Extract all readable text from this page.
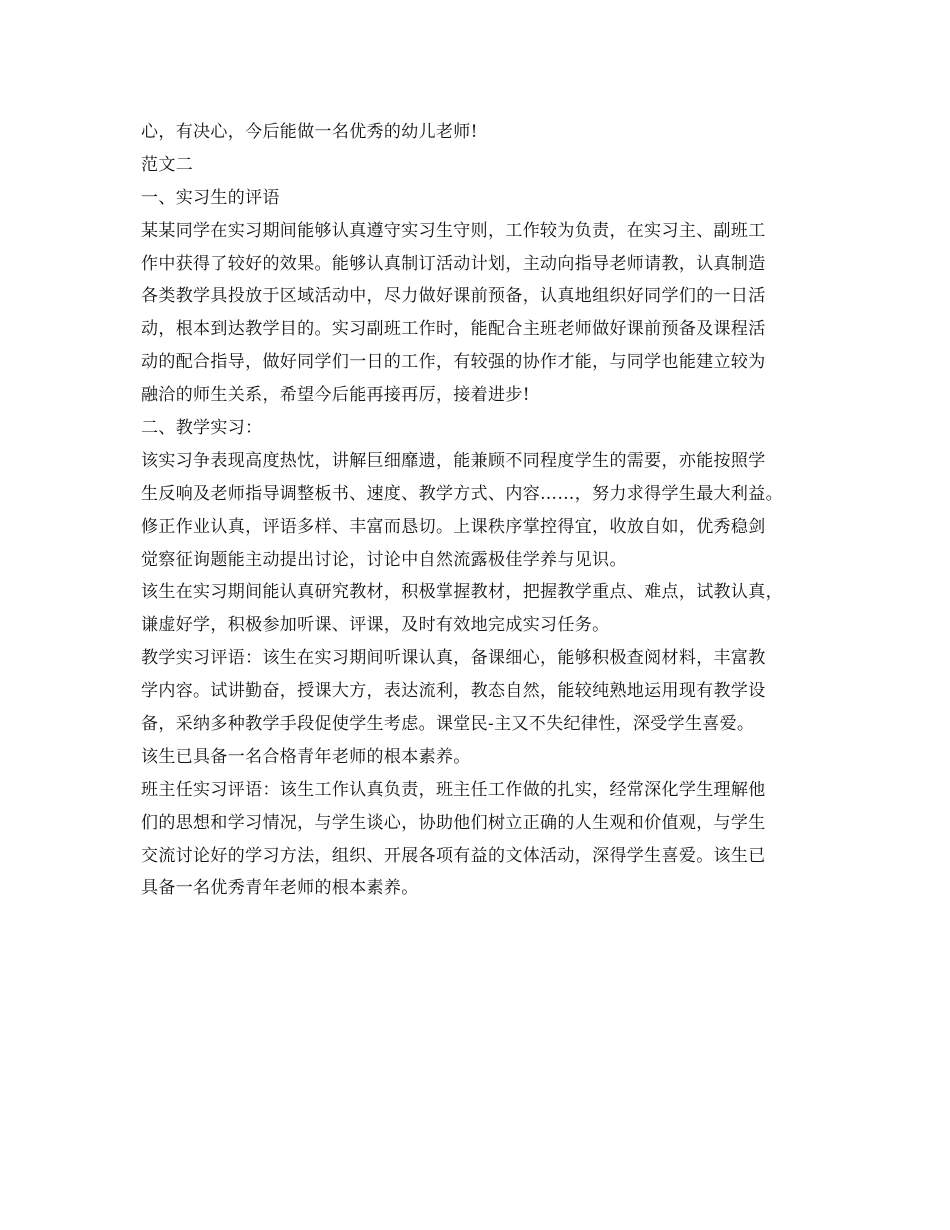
心，有决心，今后能做一名优秀的幼儿老师!
范文二
一、实习生的评语
某某同学在实习期间能够认真遵守实习生守则，工作较为负责，在实习主、副班工
作中获得了较好的效果。能够认真制订活动计划，主动向指导老师请教，认真制造
各类教学具投放于区域活动中，尽力做好课前预备，认真地组织好同学们的一日活
动，根本到达教学目的。实习副班工作时，能配合主班老师做好课前预备及课程活
动的配合指导，做好同学们一日的工作，有较强的协作才能，与同学也能建立较为
融洽的师生关系，希望今后能再接再厉，接着进步!
二、教学实习：
该实习争表现高度热忱，讲解巨细靡遗，能兼顾不同程度学生的需要，亦能按照学
生反响及老师指导调整板书、速度、教学方式、内容……，努力求得学生最大利益。
修正作业认真，评语多样、丰富而恳切。上课秩序掌控得宜，收放自如，优秀稳剑
觉察征询题能主动提出讨论，讨论中自然流露极佳学养与见识。
该生在实习期间能认真研究教材，积极掌握教材，把握教学重点、难点，试教认真，
谦虚好学，积极参加听课、评课，及时有效地完成实习任务。
教学实习评语：该生在实习期间听课认真，备课细心，能够积极查阅材料，丰富教
学内容。试讲勤奋，授课大方，表达流利，教态自然，能较纯熟地运用现有教学设
备，采纳多种教学手段促使学生考虑。课堂民-主又不失纪律性，深受学生喜爱。
该生已具备一名合格青年老师的根本素养。
班主任实习评语：该生工作认真负责，班主任工作做的扎实，经常深化学生理解他
们的思想和学习情况，与学生谈心，协助他们树立正确的人生观和价值观，与学生
交流讨论好的学习方法，组织、开展各项有益的文体活动，深得学生喜爱。该生已
具备一名优秀青年老师的根本素养。
